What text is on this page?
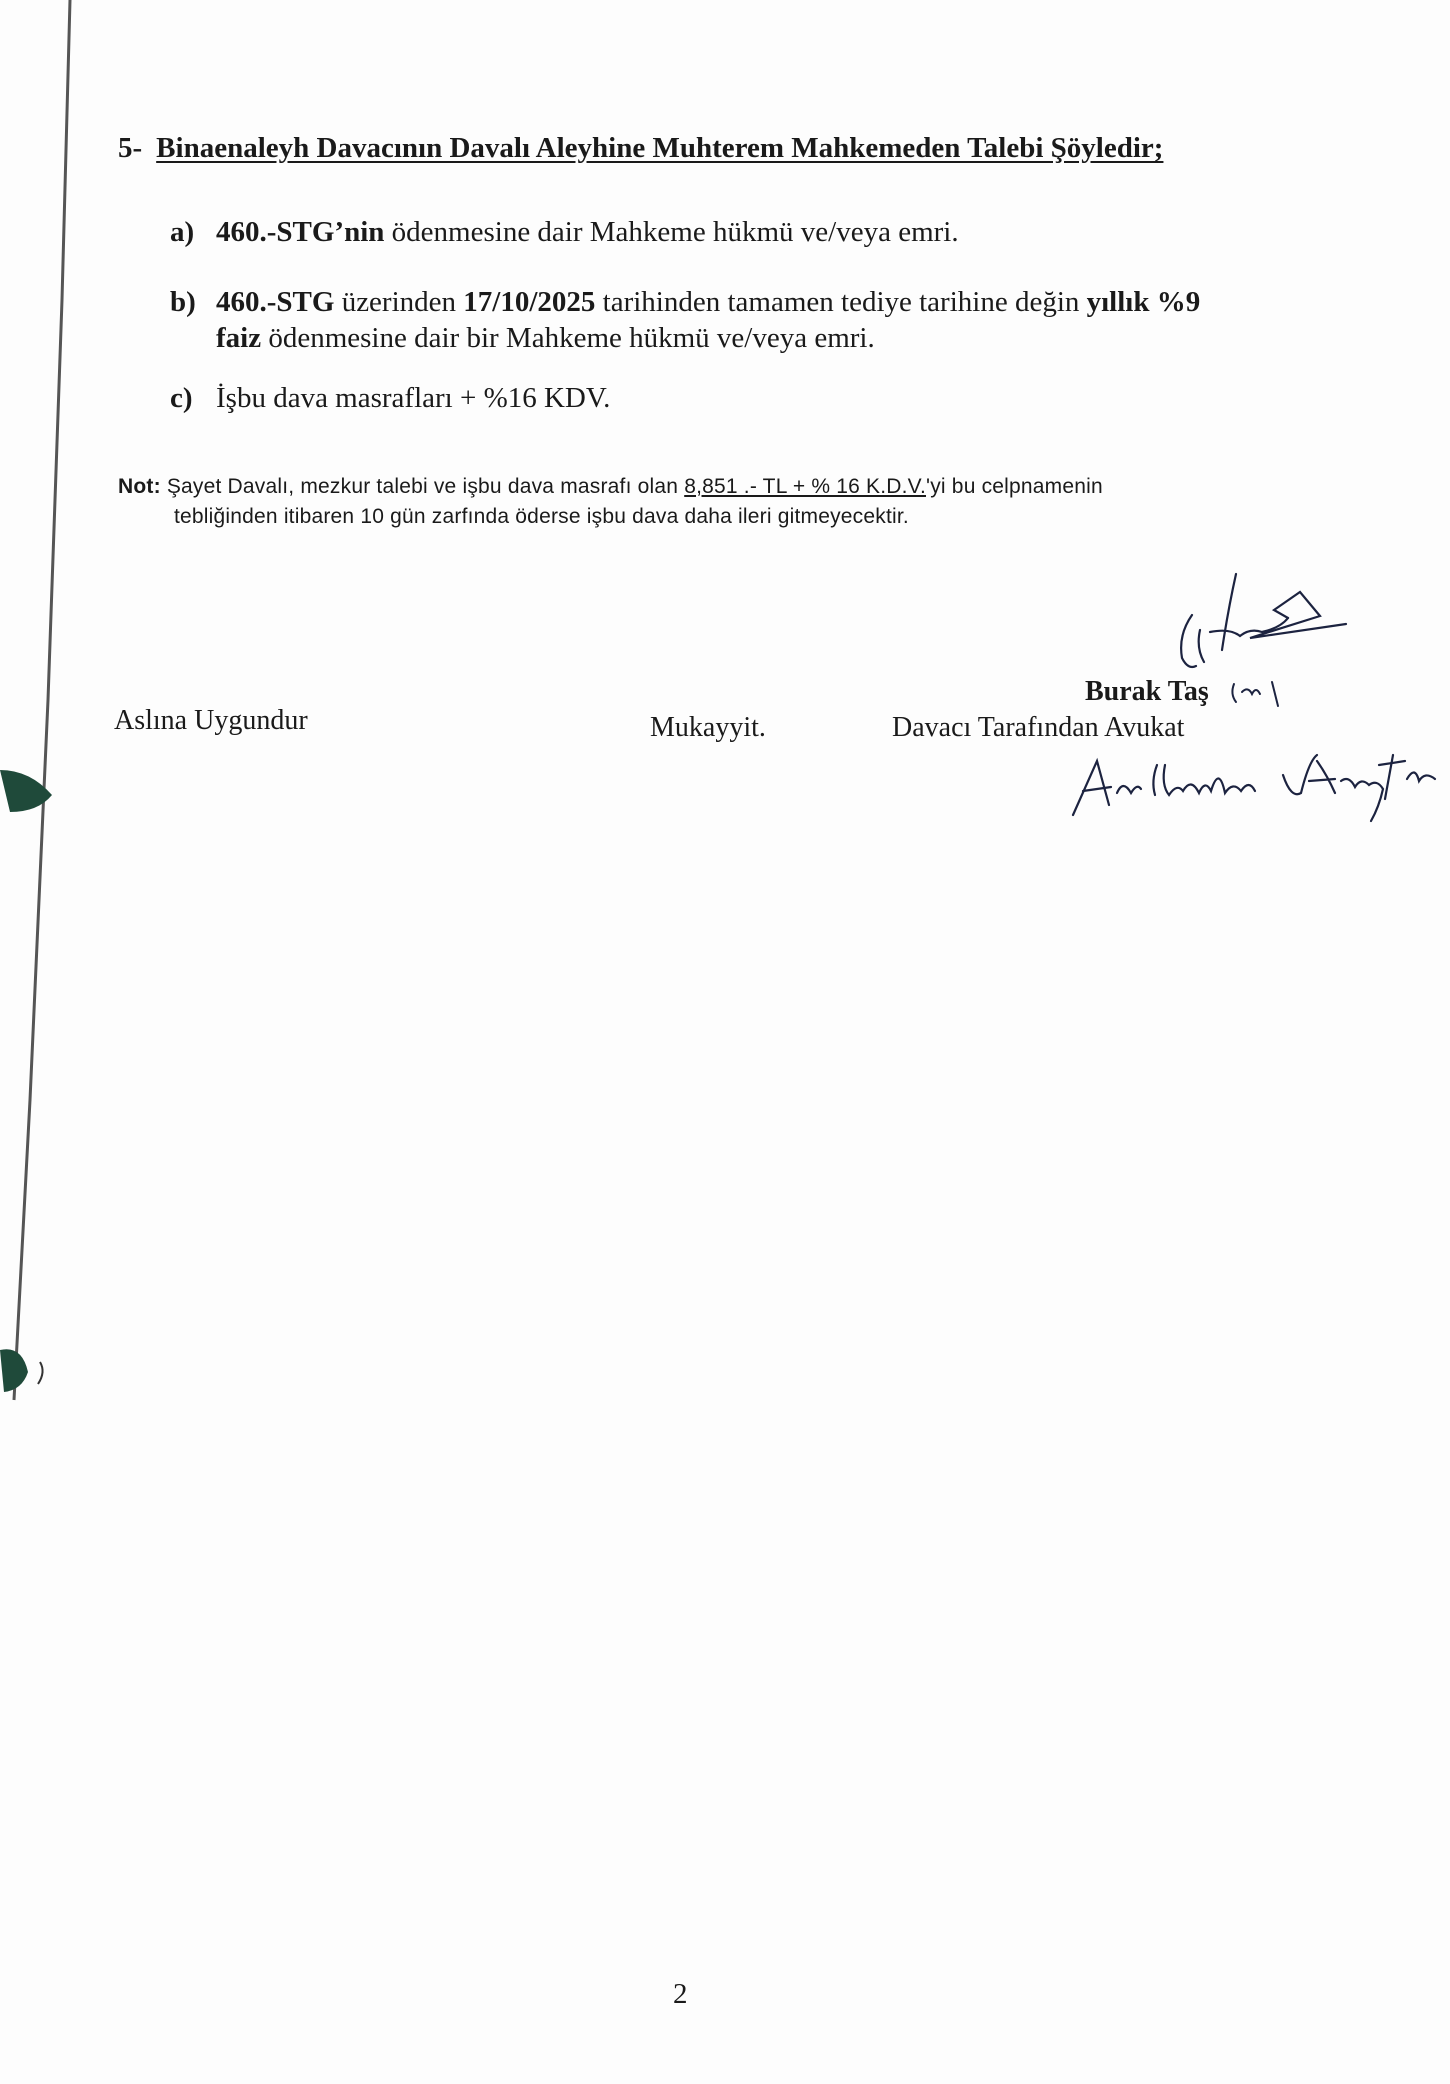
5- Binaenaleyh Davacının Davalı Aleyhine Muhterem Mahkemeden Talebi Şöyledir;
a) 460.-STG’nin ödenmesine dair Mahkeme hükmü ve/veya emri.
b) 460.-STG üzerinden 17/10/2025 tarihinden tamamen tediye tarihine değin yıllık %9
faiz ödenmesine dair bir Mahkeme hükmü ve/veya emri.
c) İşbu dava masrafları + %16 KDV.
Not: Şayet Davalı, mezkur talebi ve işbu dava masrafı olan 8,851 .- TL + % 16 K.D.V.'yi bu celpnamenin
tebliğinden itibaren 10 gün zarfında öderse işbu dava daha ileri gitmeyecektir.
Aslına Uygundur	Mukayyit.
Burak Taş
Davacı Tarafından Avukat
2
